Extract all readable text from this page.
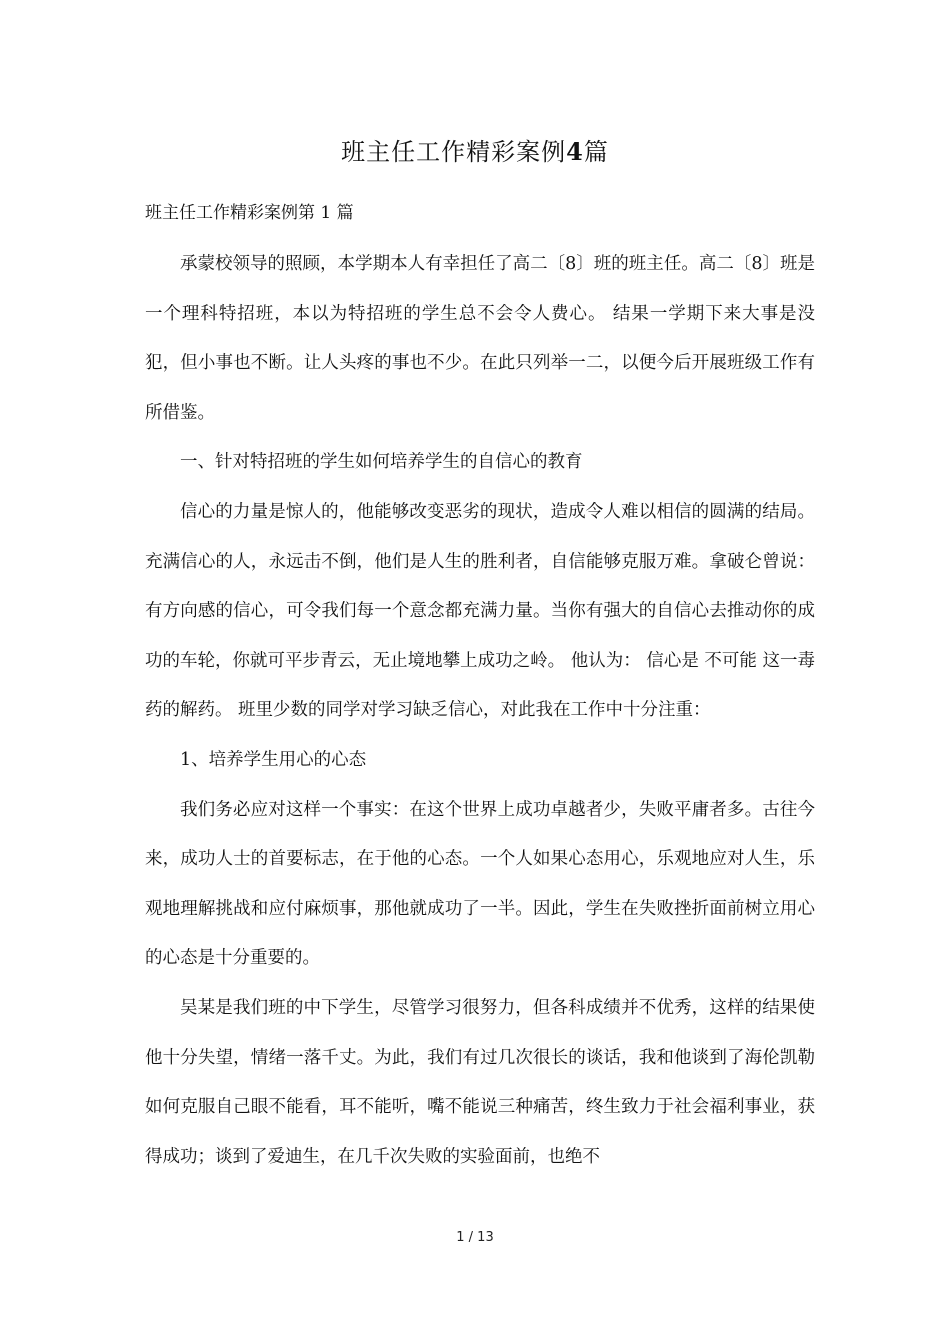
班主任工作精彩案例4篇
班主任工作精彩案例第 1 篇

承蒙校领导的照顾，本学期本人有幸担任了高二〔8〕班的班主任。高二〔8〕班是一个理科特招班，本以为特招班的学生总不会令人费心。 结果一学期下来大事是没犯，但小事也不断。让人头疼的事也不少。在此只列举一二，以便今后开展班级工作有所借鉴。

一、针对特招班的学生如何培养学生的自信心的教育

信心的力量是惊人的，他能够改变恶劣的现状，造成令人难以相信的圆满的结局。充满信心的人，永远击不倒，他们是人生的胜利者，自信能够克服万难。拿破仑曾说： 有方向感的信心，可令我们每一个意念都充满力量。当你有强大的自信心去推动你的成功的车轮，你就可平步青云，无止境地攀上成功之岭。 他认为： 信心是 不可能 这一毒药的解药。 班里少数的同学对学习缺乏信心，对此我在工作中十分注重：

1、培养学生用心的心态

我们务必应对这样一个事实：在这个世界上成功卓越者少，失败平庸者多。古往今来，成功人士的首要标志，在于他的心态。一个人如果心态用心，乐观地应对人生，乐观地理解挑战和应付麻烦事，那他就成功了一半。因此，学生在失败挫折面前树立用心的心态是十分重要的。

吴某是我们班的中下学生，尽管学习很努力，但各科成绩并不优秀，这样的结果使他十分失望，情绪一落千丈。为此，我们有过几次很长的谈话，我和他谈到了海伦凯勒如何克服自己眼不能看，耳不能听，嘴不能说三种痛苦，终生致力于社会福利事业，获得成功；谈到了爱迪生，在几千次失败的实验面前，也绝不

1 / 13
